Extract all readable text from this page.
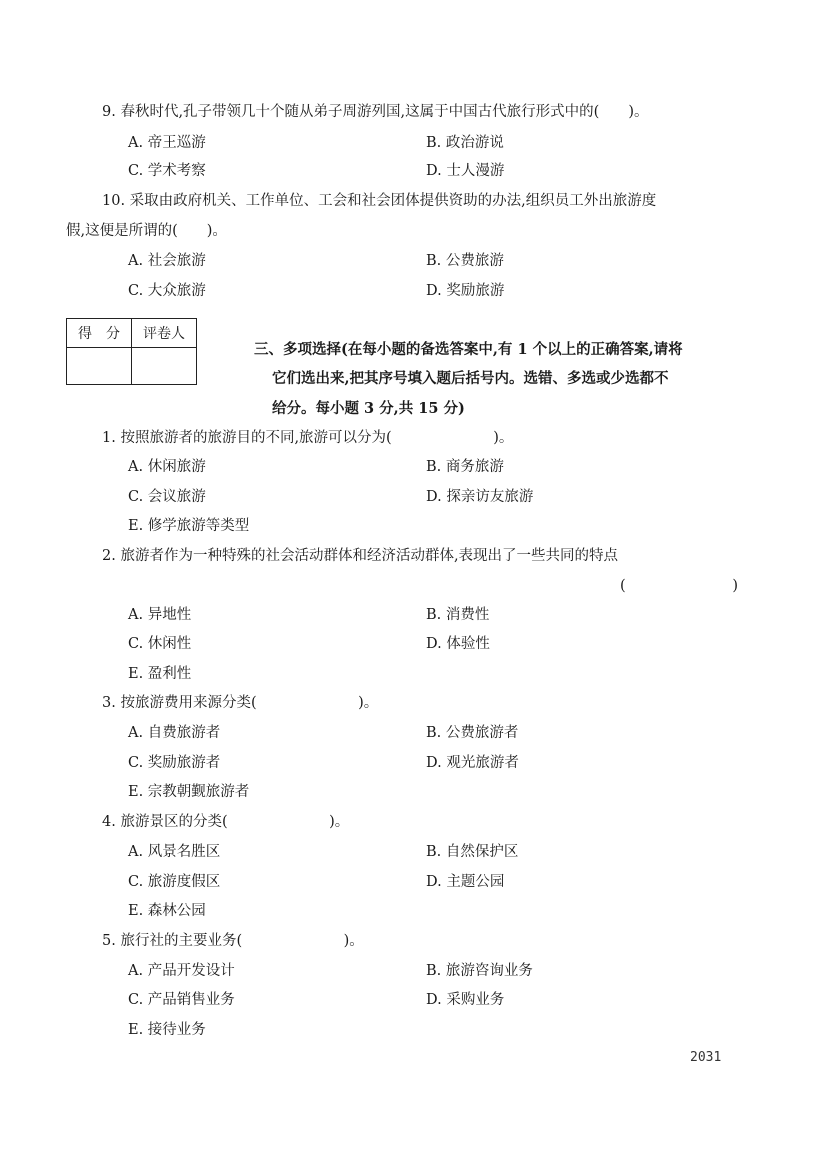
9. 春秋时代,孔子带领几十个随从弟子周游列国,这属于中国古代旅行形式中的(　　)。
A. 帝王巡游	B. 政治游说
C. 学术考察	D. 士人漫游
10. 采取由政府机关、工作单位、工会和社会团体提供资助的办法,组织员工外出旅游度
假,这便是所谓的(　　)。
A. 社会旅游	B. 公费旅游
C. 大众旅游	D. 奖励旅游
得　分	评卷人

三、多项选择(在每小题的备选答案中,有 1 个以上的正确答案,请将
它们选出来,把其序号填入题后括号内。选错、多选或少选都不
给分。每小题 3 分,共 15 分)
1. 按照旅游者的旅游目的不同,旅游可以分为(　　　　　　　)。
A. 休闲旅游	B. 商务旅游
C. 会议旅游	D. 探亲访友旅游
E. 修学旅游等类型
2. 旅游者作为一种特殊的社会活动群体和经济活动群体,表现出了一些共同的特点
(	)
A. 异地性	B. 消费性
C. 休闲性	D. 体验性
E. 盈利性
3. 按旅游费用来源分类(　　　　　　　)。
A. 自费旅游者	B. 公费旅游者
C. 奖励旅游者	D. 观光旅游者
E. 宗教朝觐旅游者
4. 旅游景区的分类(　　　　　　　)。
A. 风景名胜区	B. 自然保护区
C. 旅游度假区	D. 主题公园
E. 森林公园
5. 旅行社的主要业务(　　　　　　　)。
A. 产品开发设计	B. 旅游咨询业务
C. 产品销售业务	D. 采购业务
E. 接待业务
2031
